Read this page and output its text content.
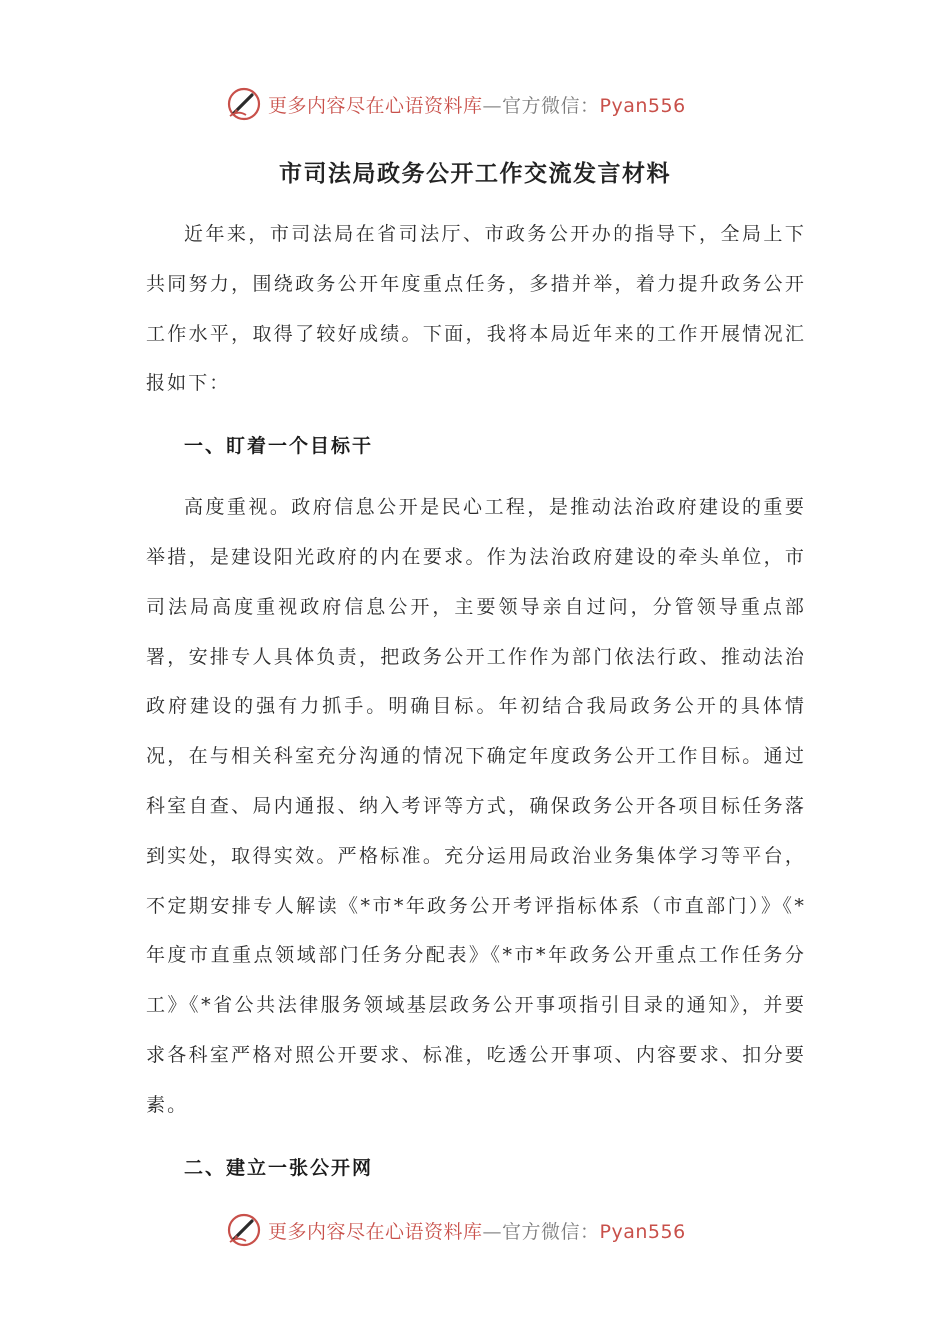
更多内容尽在心语资料库—官方微信：Pyan556
市司法局政务公开工作交流发言材料

近年来，市司法局在省司法厅、市政务公开办的指导下，全局上下共同努力，围绕政务公开年度重点任务，多措并举，着力提升政务公开工作水平，取得了较好成绩。下面，我将本局近年来的工作开展情况汇报如下：

一、盯着一个目标干

高度重视。政府信息公开是民心工程，是推动法治政府建设的重要举措，是建设阳光政府的内在要求。作为法治政府建设的牵头单位，市司法局高度重视政府信息公开，主要领导亲自过问，分管领导重点部署，安排专人具体负责，把政务公开工作作为部门依法行政、推动法治政府建设的强有力抓手。明确目标。年初结合我局政务公开的具体情况，在与相关科室充分沟通的情况下确定年度政务公开工作目标。通过科室自查、局内通报、纳入考评等方式，确保政务公开各项目标任务落到实处，取得实效。严格标准。充分运用局政治业务集体学习等平台，不定期安排专人解读《*市*年政务公开考评指标体系（市直部门）》《*年度市直重点领域部门任务分配表》《*市*年政务公开重点工作任务分工》《*省公共法律服务领域基层政务公开事项指引目录的通知》，并要求各科室严格对照公开要求、标准，吃透公开事项、内容要求、扣分要素。

二、建立一张公开网

更多内容尽在心语资料库—官方微信：Pyan556
